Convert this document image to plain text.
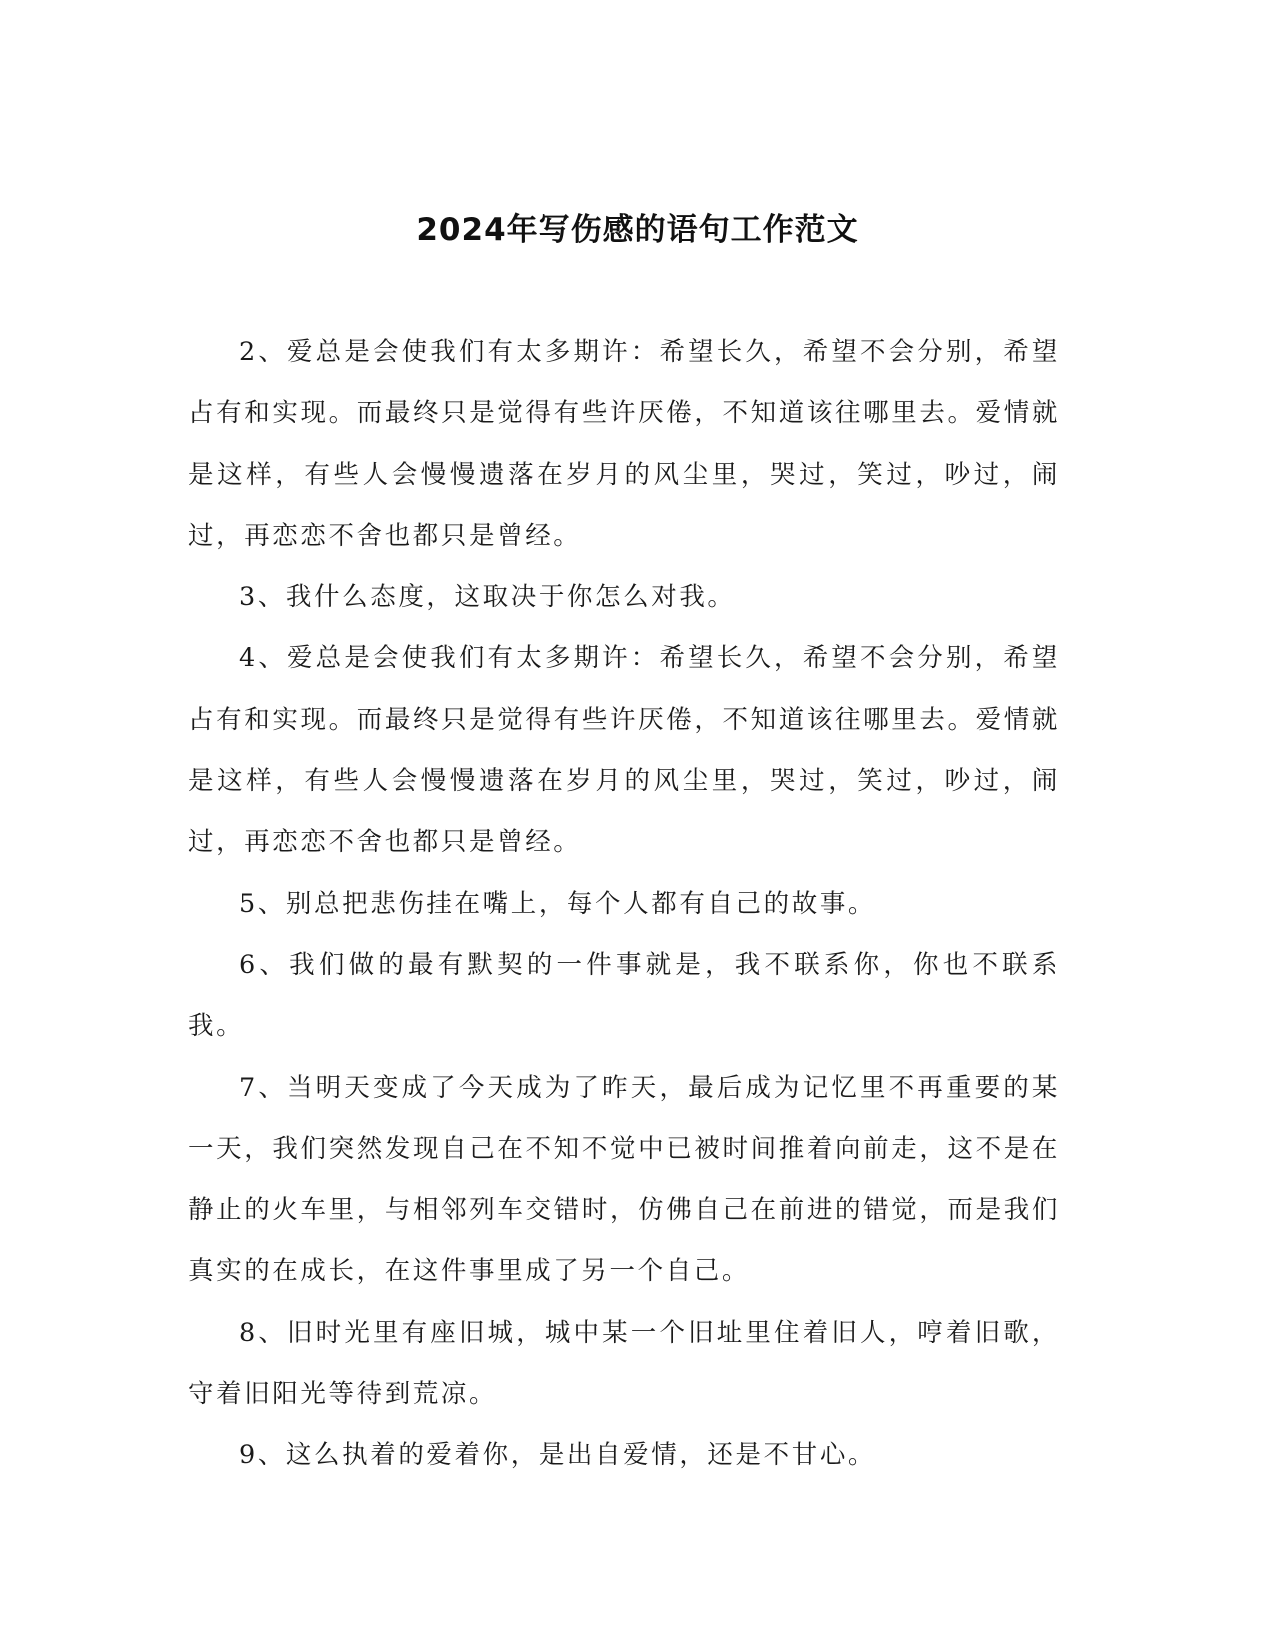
2024年写伤感的语句工作范文

2、爱总是会使我们有太多期许：希望长久，希望不会分别，希望占有和实现。而最终只是觉得有些许厌倦，不知道该往哪里去。爱情就是这样，有些人会慢慢遗落在岁月的风尘里，哭过，笑过，吵过，闹过，再恋恋不舍也都只是曾经。

3、我什么态度，这取决于你怎么对我。

4、爱总是会使我们有太多期许：希望长久，希望不会分别，希望占有和实现。而最终只是觉得有些许厌倦，不知道该往哪里去。爱情就是这样，有些人会慢慢遗落在岁月的风尘里，哭过，笑过，吵过，闹过，再恋恋不舍也都只是曾经。

5、别总把悲伤挂在嘴上，每个人都有自己的故事。

6、我们做的最有默契的一件事就是，我不联系你，你也不联系我。

7、当明天变成了今天成为了昨天，最后成为记忆里不再重要的某一天，我们突然发现自己在不知不觉中已被时间推着向前走，这不是在静止的火车里，与相邻列车交错时，仿佛自己在前进的错觉，而是我们真实的在成长，在这件事里成了另一个自己。

8、旧时光里有座旧城，城中某一个旧址里住着旧人，哼着旧歌，守着旧阳光等待到荒凉。

9、这么执着的爱着你，是出自爱情，还是不甘心。
